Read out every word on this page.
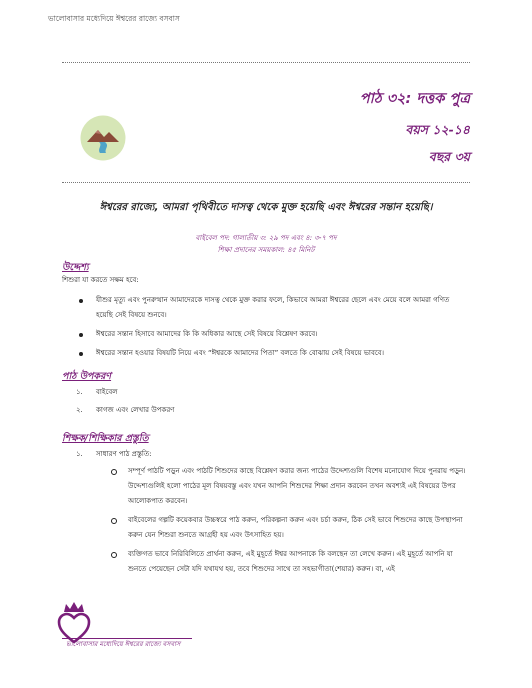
ভালোবাসার মধ্যেদিয়ে ঈশ্বরের রাজ্যে বসবাস
পাঠ ৩২: দত্তক পুত্র
বয়স ১২-১৪
বছর ৩য়
ঈশ্বরের রাজ্যে, আমরা পৃথিবীতে দাসত্ব থেকে মুক্ত হয়েছি এবং ঈশ্বরের সন্তান হয়েছি।
বাইবেল পদ: গালাতীয় ৩: ২৯ পদ এবং ৪: ৩-৭ পদ
শিক্ষা প্রদানের সময়কাল: ৪৫ মিনিট
উদ্দেশ্য
শিশুরা যা করতে সক্ষম হবে:
যীশুর মৃত্যু এবং পুনরুত্থান আমাদেরকে দাসত্ব থেকে মুক্ত করার ফলে, কিভাবে আমরা ঈশ্বরের ছেলে এবং মেয়ে বলে আমরা গণিত হয়েছি সেই বিষয়ে শুনবে।
ঈশ্বরের সন্তান হিসাবে আমাদের কি কি অধিকার আছে সেই বিষয়ে বিশ্লেষণ করবে।
ঈশ্বরের সন্তান হওয়ার বিষয়টি নিয়ে এবং “ঈশ্বরকে আমাদের পিতা” বলতে কি বোঝায় সেই বিষয়ে ভাববে।
পাঠ উপকরণ
১. বাইবেল
২. কাগজ এবং লেখার উপকরণ
শিক্ষক/শিক্ষিকার প্রস্তুতি
১. সাধারণ পাঠ প্রস্তুতি:
সম্পূর্ণ পাঠটি পড়ুন এবং পাঠটি শিশুদের কাছে বিশ্লেষণ করার জন্য পাঠের উদ্দেশ্যগুলি বিশেষ মনোযোগ দিয়ে পুনরায় পড়ুন। উদ্দেশ্যগুলিই হলো পাঠের মূল বিষয়বস্তু এবং যখন আপনি শিশুদের শিক্ষা প্রদান করবেন তখন অবশ্যই এই বিষয়ের উপর আলোকপাত করবেন।
বাইবেলের গল্পটি কয়েকবার উচ্চস্বরে পাঠ করুন, পরিকল্পনা করুন এবং চর্চা করুন, ঠিক সেই ভাবে শিশুদের কাছে উপস্থাপনা করুন যেন শিশুরা শুনতে আগ্রহী হয় এবং উৎসাহিত হয়।
ব্যক্তিগত ভাবে নিরিবিলিতে প্রার্থনা করুন, এই মুহূর্তে ঈশ্বর আপনাকে কি বলছেন তা লেখে করুন। এই মুহূর্তে আপনি যা শুনতে পেয়েছেন সেটা যদি যথাযথ হয়, তবে শিশুদের সাথে তা সহভাগীতা(শেয়ার) করুন। বা, এই
ভালোবাসার মধ্যেদিয়ে ঈশ্বরের রাজ্যে বসবাস
